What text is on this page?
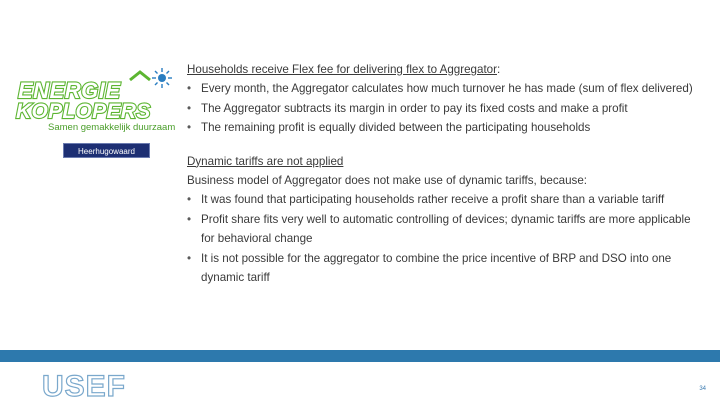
ENERGIE
KOPLOPERS
Samen gemakkelijk duurzaam
Heerhugowaard
Households receive Flex fee for delivering flex to Aggregator:
• Every month, the Aggregator calculates how much turnover he has made (sum of flex delivered)
• The Aggregator subtracts its margin in order to pay its fixed costs and make a profit
• The remaining profit is equally divided between the participating households
Dynamic tariffs are not applied
Business model of Aggregator does not make use of dynamic tariffs, because:
• It was found that participating households rather receive a profit share than a variable tariff
• Profit share fits very well to automatic controlling of devices; dynamic tariffs are more applicable for behavioral change
• It is not possible for the aggregator to combine the price incentive of BRP and DSO into one dynamic tariff
USEF	34
